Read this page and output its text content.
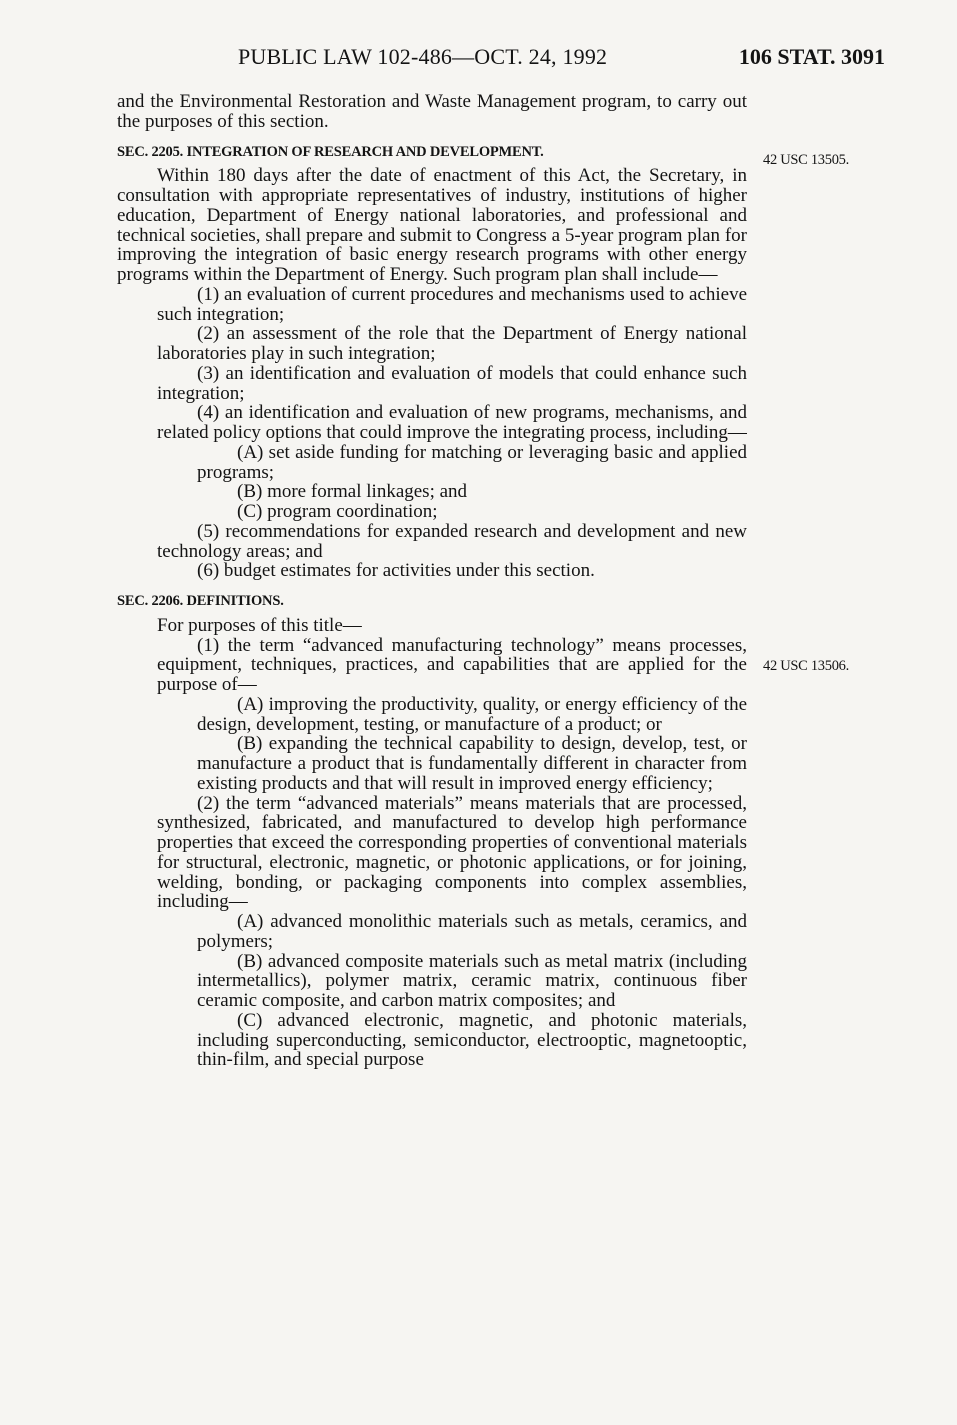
PUBLIC LAW 102-486—OCT. 24, 1992	106 STAT. 3091
42 USC 13505.
42 USC 13506.

and the Environmental Restoration and Waste Management program, to carry out the purposes of this section.

SEC. 2205. INTEGRATION OF RESEARCH AND DEVELOPMENT.

Within 180 days after the date of enactment of this Act, the Secretary, in consultation with appropriate representatives of industry, institutions of higher education, Department of Energy national laboratories, and professional and technical societies, shall prepare and submit to Congress a 5-year program plan for improving the integration of basic energy research programs with other energy programs within the Department of Energy. Such program plan shall include—

(1) an evaluation of current procedures and mechanisms used to achieve such integration;

(2) an assessment of the role that the Department of Energy national laboratories play in such integration;

(3) an identification and evaluation of models that could enhance such integration;

(4) an identification and evaluation of new programs, mechanisms, and related policy options that could improve the integrating process, including—

(A) set aside funding for matching or leveraging basic and applied programs;

(B) more formal linkages; and

(C) program coordination;

(5) recommendations for expanded research and development and new technology areas; and

(6) budget estimates for activities under this section.

SEC. 2206. DEFINITIONS.

For purposes of this title—

(1) the term “advanced manufacturing technology” means processes, equipment, techniques, practices, and capabilities that are applied for the purpose of—

(A) improving the productivity, quality, or energy efficiency of the design, development, testing, or manufacture of a product; or

(B) expanding the technical capability to design, develop, test, or manufacture a product that is fundamentally different in character from existing products and that will result in improved energy efficiency;

(2) the term “advanced materials” means materials that are processed, synthesized, fabricated, and manufactured to develop high performance properties that exceed the corresponding properties of conventional materials for structural, electronic, magnetic, or photonic applications, or for joining, welding, bonding, or packaging components into complex assemblies, including—

(A) advanced monolithic materials such as metals, ceramics, and polymers;

(B) advanced composite materials such as metal matrix (including intermetallics), polymer matrix, ceramic matrix, continuous fiber ceramic composite, and carbon matrix composites; and

(C) advanced electronic, magnetic, and photonic materials, including superconducting, semiconductor, electrooptic, magnetooptic, thin-film, and special purpose
